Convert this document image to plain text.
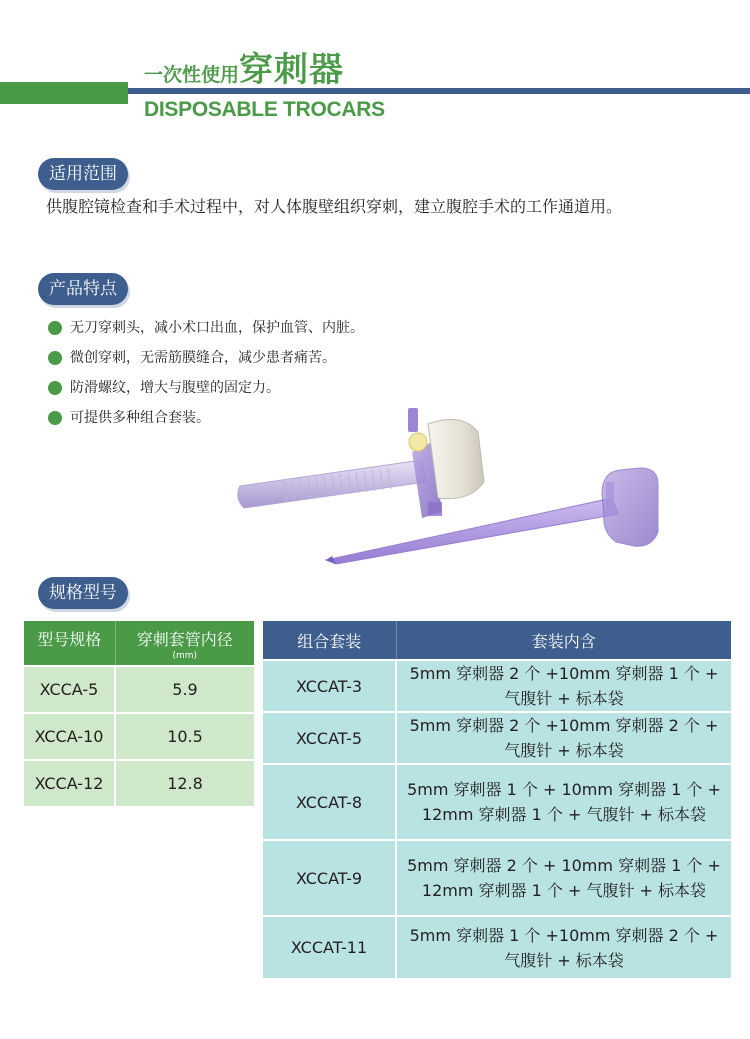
一次性使用穿刺器
DISPOSABLE TROCARS
适用范围
供腹腔镜检查和手术过程中，对人体腹壁组织穿刺，建立腹腔手术的工作通道用。
产品特点
无刀穿刺头，减小术口出血，保护血管、内脏。
微创穿刺，无需筋膜缝合，减少患者痛苦。
防滑螺纹，增大与腹壁的固定力。
可提供多种组合套装。
规格型号
型号规格	穿刺套管内径
(mm)

XCCA-5	5.9
XCCA-10	10.5
XCCA-12	12.8
组合套装	套装内含
XCCAT-3	5mm 穿刺器 2 个 +10mm 穿刺器 1 个 + 气腹针 + 标本袋
XCCAT-5	5mm 穿刺器 2 个 +10mm 穿刺器 2 个 + 气腹针 + 标本袋
XCCAT-8	5mm 穿刺器 1 个 + 10mm 穿刺器 1 个 + 12mm 穿刺器 1 个 + 气腹针 + 标本袋
XCCAT-9	5mm 穿刺器 2 个 + 10mm 穿刺器 1 个 + 12mm 穿刺器 1 个 + 气腹针 + 标本袋
XCCAT-11	5mm 穿刺器 1 个 +10mm 穿刺器 2 个 + 气腹针 + 标本袋
